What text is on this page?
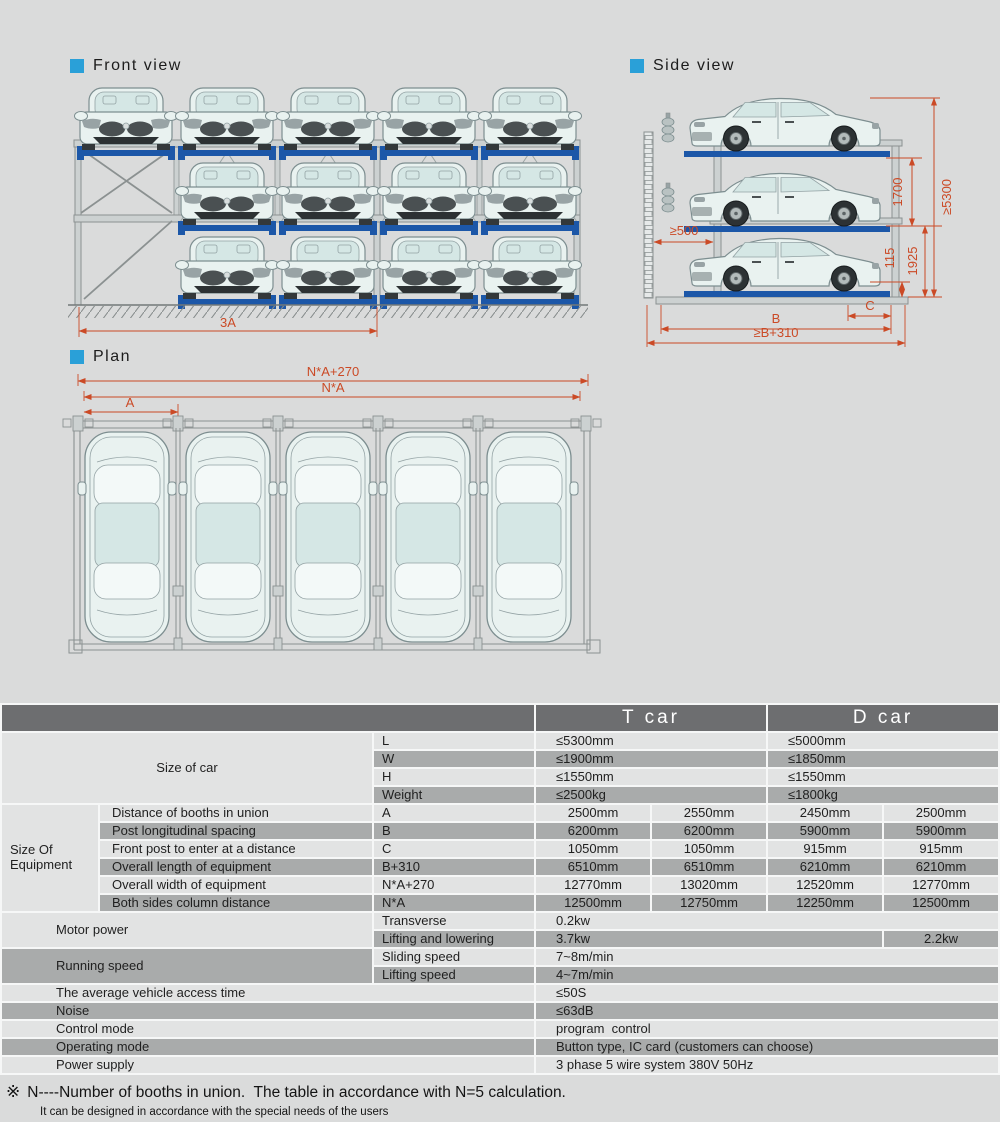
3A
≥5300
1700
1925
115
≥500
C
B
≥B+310
N*A+270
N*A
A
Front view	Side view
Plan
			T car		D car	
Size of car		L	≤5300mm		≤5000mm	
		W	≤1900mm		≤1850mm	
		H	≤1550mm		≤1550mm	
		Weight	≤2500kg		≤1800kg	
Size Of Equipment	Distance of booths in union	A	2500mm	2550mm	2450mm	2500mm
	Post longitudinal spacing	B	6200mm	6200mm	5900mm	5900mm
	Front post to enter at a distance	C	1050mm	1050mm	915mm	915mm
	Overall length of equipment	B+310	6510mm	6510mm	6210mm	6210mm
	Overall width of equipment	N*A+270	12770mm	13020mm	12520mm	12770mm
	Both sides column distance	N*A	12500mm	12750mm	12250mm	12500mm
Motor power		Transverse	0.2kw			
		Lifting and lowering	3.7kw			2.2kw
Running speed		Sliding speed	7~8m/min			
		Lifting speed	4~7m/min			
The average vehicle access time			≤50S			
Noise			≤63dB			
Control mode			program  control			
Operating mode			Button type, IC card (customers can choose)			
Power supply			3 phase 5 wire system 380V 50Hz			
※ N----Number of booths in union.  The table in accordance with N=5 calculation.
It can be designed in accordance with the special needs of the users
